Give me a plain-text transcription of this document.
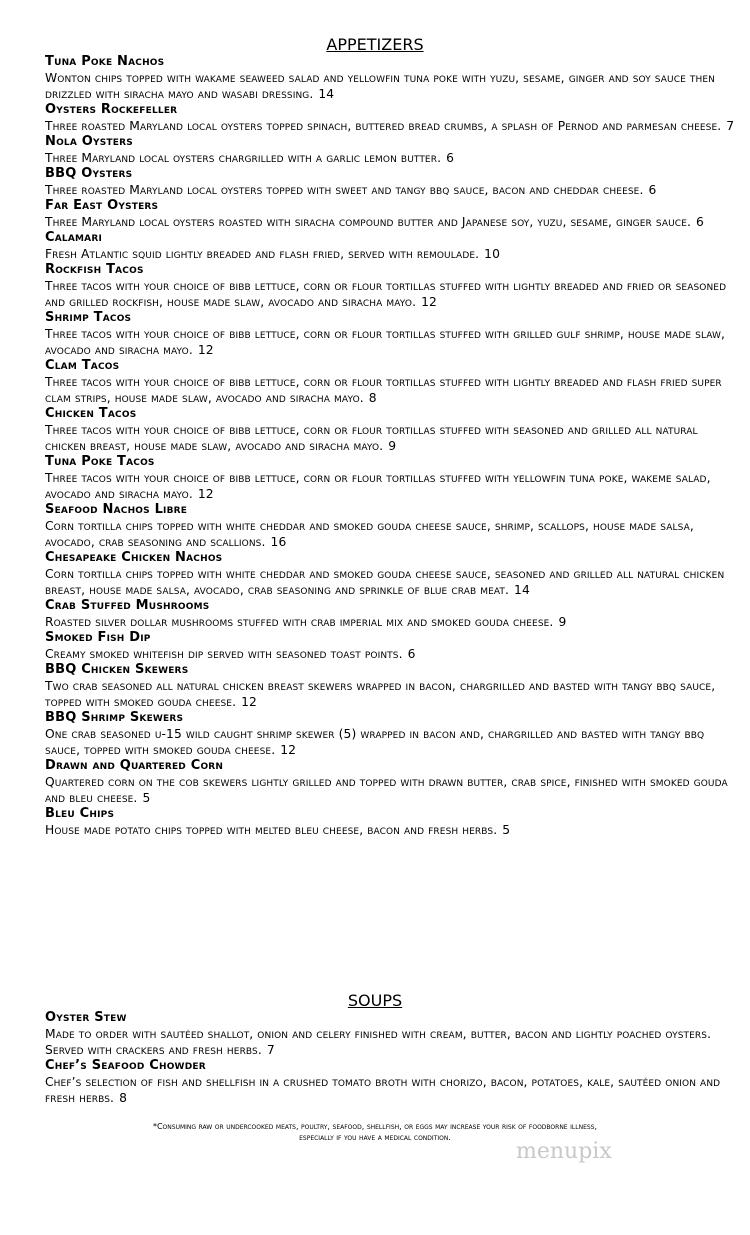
APPETIZERS
Tuna Poke Nachos
Wonton chips topped with wakame seaweed salad and yellowfin tuna poke with yuzu, sesame, ginger and soy sauce then drizzled with siracha mayo and wasabi dressing. 14
Oysters Rockefeller
Three roasted Maryland local oysters topped spinach, buttered bread crumbs, a splash of Pernod and parmesan cheese. 7
Nola Oysters
Three Maryland local oysters chargrilled with a garlic lemon butter. 6
BBQ Oysters
Three roasted Maryland local oysters topped with sweet and tangy bbq sauce, bacon and cheddar cheese. 6
Far East Oysters
Three Maryland local oysters roasted with siracha compound butter and Japanese soy, yuzu, sesame, ginger sauce. 6
Calamari
Fresh Atlantic squid lightly breaded and flash fried, served with remoulade. 10
Rockfish Tacos
Three tacos with your choice of bibb lettuce, corn or flour tortillas stuffed with lightly breaded and fried or seasoned and grilled rockfish, house made slaw, avocado and siracha mayo. 12
Shrimp Tacos
Three tacos with your choice of bibb lettuce, corn or flour tortillas stuffed with grilled gulf shrimp, house made slaw, avocado and siracha mayo. 12
Clam Tacos
Three tacos with your choice of bibb lettuce, corn or flour tortillas stuffed with lightly breaded and flash fried super clam strips, house made slaw, avocado and siracha mayo. 8
Chicken Tacos
Three tacos with your choice of bibb lettuce, corn or flour tortillas stuffed with seasoned and grilled all natural chicken breast, house made slaw, avocado and siracha mayo. 9
Tuna Poke Tacos
Three tacos with your choice of bibb lettuce, corn or flour tortillas stuffed with yellowfin tuna poke, wakeme salad, avocado and siracha mayo. 12
Seafood Nachos Libre
Corn tortilla chips topped with white cheddar and smoked gouda cheese sauce, shrimp, scallops, house made salsa, avocado, crab seasoning and scallions. 16
Chesapeake Chicken Nachos
Corn tortilla chips topped with white cheddar and smoked gouda cheese sauce, seasoned and grilled all natural chicken breast, house made salsa, avocado, crab seasoning and sprinkle of blue crab meat. 14
Crab Stuffed Mushrooms
Roasted silver dollar mushrooms stuffed with crab imperial mix and smoked gouda cheese. 9
Smoked Fish Dip
Creamy smoked whitefish dip served with seasoned toast points. 6
BBQ Chicken Skewers
Two crab seasoned all natural chicken breast skewers wrapped in bacon, chargrilled and basted with tangy bbq sauce, topped with smoked gouda cheese. 12
BBQ Shrimp Skewers
One crab seasoned u-15 wild caught shrimp skewer (5) wrapped in bacon and, chargrilled and basted with tangy bbq sauce, topped with smoked gouda cheese. 12
Drawn and Quartered Corn
Quartered corn on the cob skewers lightly grilled and topped with drawn butter, crab spice, finished with smoked gouda and bleu cheese. 5
Bleu Chips
House made potato chips topped with melted bleu cheese, bacon and fresh herbs. 5
SOUPS
Oyster Stew
Made to order with sautéed shallot, onion and celery finished with cream, butter, bacon and lightly poached oysters. Served with crackers and fresh herbs. 7
Chef’s Seafood Chowder
Chef’s selection of fish and shellfish in a crushed tomato broth with chorizo, bacon, potatoes, kale, sautéed onion and fresh herbs. 8
*Consuming raw or undercooked meats, poultry, seafood, shellfish, or eggs may increase your risk of foodborne illness,
especially if you have a medical condition.
menupix
